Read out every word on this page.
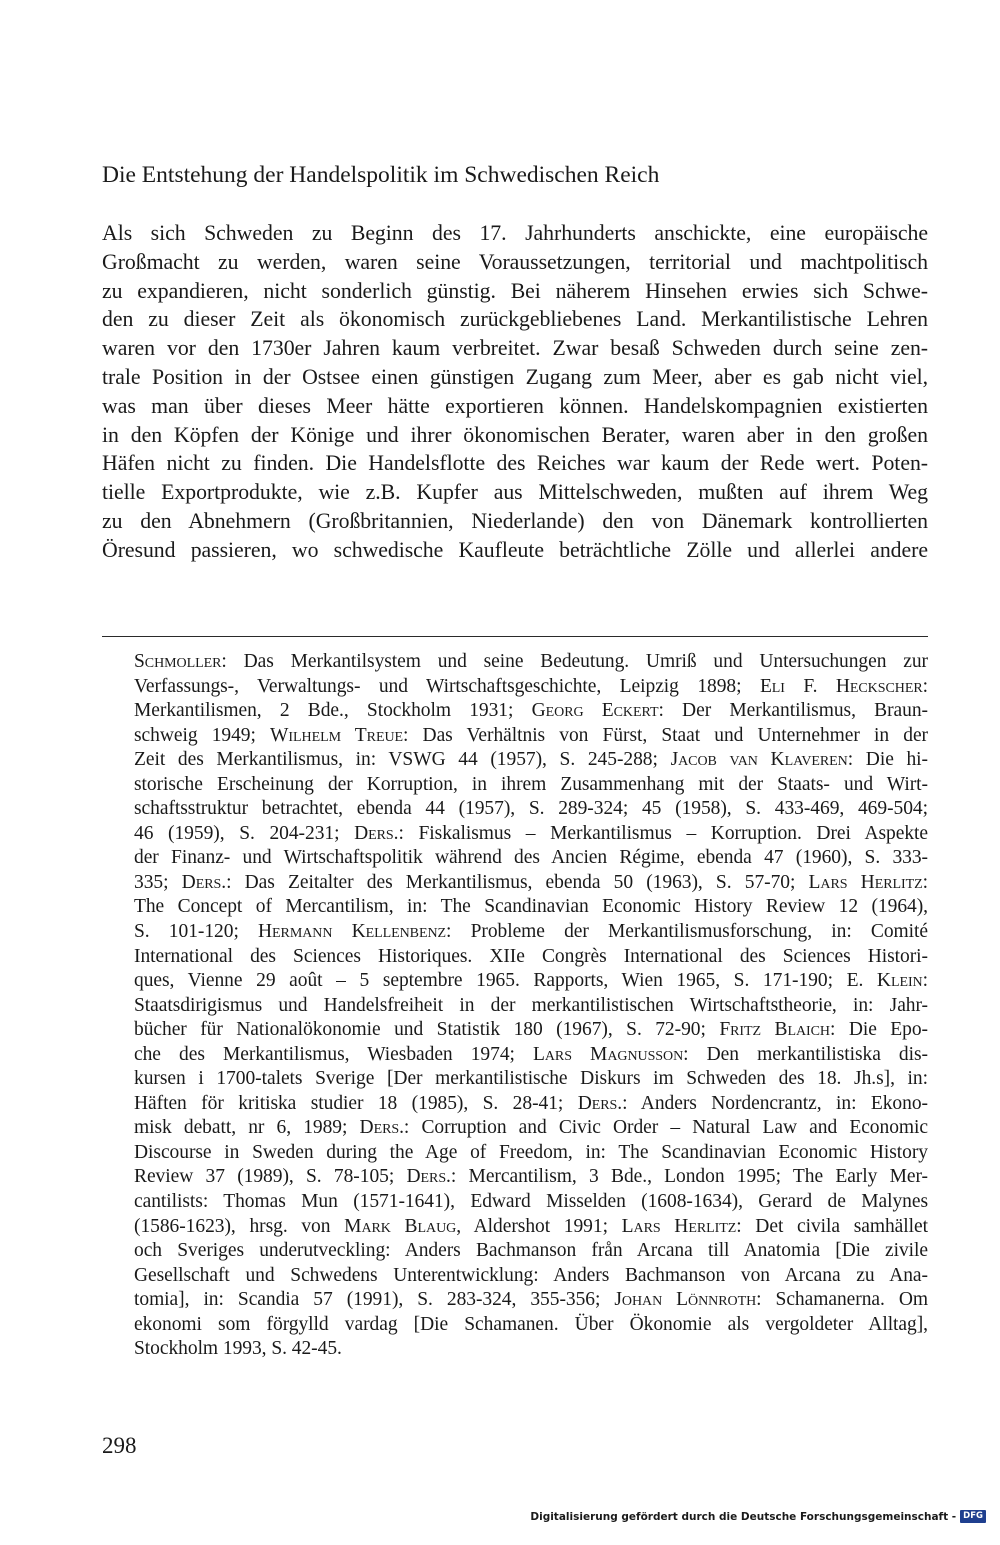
Die Entstehung der Handelspolitik im Schwedischen Reich
Als sich Schweden zu Beginn des 17. Jahrhunderts anschickte, eine europäische
Großmacht zu werden, waren seine Voraussetzungen, territorial und machtpolitisch
zu expandieren, nicht sonderlich günstig. Bei näherem Hinsehen erwies sich Schwe-
den zu dieser Zeit als ökonomisch zurückgebliebenes Land. Merkantilistische Lehren
waren vor den 1730er Jahren kaum verbreitet. Zwar besaß Schweden durch seine zen-
trale Position in der Ostsee einen günstigen Zugang zum Meer, aber es gab nicht viel,
was man über dieses Meer hätte exportieren können. Handelskompagnien existierten
in den Köpfen der Könige und ihrer ökonomischen Berater, waren aber in den großen
Häfen nicht zu finden. Die Handelsflotte des Reiches war kaum der Rede wert. Poten-
tielle Exportprodukte, wie z.B. Kupfer aus Mittelschweden, mußten auf ihrem Weg
zu den Abnehmern (Großbritannien, Niederlande) den von Dänemark kontrollierten
Öresund passieren, wo schwedische Kaufleute beträchtliche Zölle und allerlei andere
Schmoller: Das Merkantilsystem und seine Bedeutung. Umriß und Untersuchungen zur
Verfassungs-, Verwaltungs- und Wirtschaftsgeschichte, Leipzig 1898; Eli F. Heckscher:
Merkantilismen, 2 Bde., Stockholm 1931; Georg Eckert: Der Merkantilismus, Braun-
schweig 1949; Wilhelm Treue: Das Verhältnis von Fürst, Staat und Unternehmer in der
Zeit des Merkantilismus, in: VSWG 44 (1957), S. 245-288; Jacob van Klaveren: Die hi-
storische Erscheinung der Korruption, in ihrem Zusammenhang mit der Staats- und Wirt-
schaftsstruktur betrachtet, ebenda 44 (1957), S. 289-324; 45 (1958), S. 433-469, 469-504;
46 (1959), S. 204-231; Ders.: Fiskalismus – Merkantilismus – Korruption. Drei Aspekte
der Finanz- und Wirtschaftspolitik während des Ancien Régime, ebenda 47 (1960), S. 333-
335; Ders.: Das Zeitalter des Merkantilismus, ebenda 50 (1963), S. 57-70; Lars Herlitz:
The Concept of Mercantilism, in: The Scandinavian Economic History Review 12 (1964),
S. 101-120; Hermann Kellenbenz: Probleme der Merkantilismusforschung, in: Comité
International des Sciences Historiques. XIIe Congrès International des Sciences Histori-
ques, Vienne 29 août – 5 septembre 1965. Rapports, Wien 1965, S. 171-190; E. Klein:
Staatsdirigismus und Handelsfreiheit in der merkantilistischen Wirtschaftstheorie, in: Jahr-
bücher für Nationalökonomie und Statistik 180 (1967), S. 72-90; Fritz Blaich: Die Epo-
che des Merkantilismus, Wiesbaden 1974; Lars Magnusson: Den merkantilistiska dis-
kursen i 1700-talets Sverige [Der merkantilistische Diskurs im Schweden des 18. Jh.s], in:
Häften för kritiska studier 18 (1985), S. 28-41; Ders.: Anders Nordencrantz, in: Ekono-
misk debatt, nr 6, 1989; Ders.: Corruption and Civic Order – Natural Law and Economic
Discourse in Sweden during the Age of Freedom, in: The Scandinavian Economic History
Review 37 (1989), S. 78-105; Ders.: Mercantilism, 3 Bde., London 1995; The Early Mer-
cantilists: Thomas Mun (1571-1641), Edward Misselden (1608-1634), Gerard de Malynes
(1586-1623), hrsg. von Mark Blaug, Aldershot 1991; Lars Herlitz: Det civila samhället
och Sveriges underutveckling: Anders Bachmanson från Arcana till Anatomia [Die zivile
Gesellschaft und Schwedens Unterentwicklung: Anders Bachmanson von Arcana zu Ana-
tomia], in: Scandia 57 (1991), S. 283-324, 355-356; Johan Lönnroth: Schamanerna. Om
ekonomi som förgylld vardag [Die Schamanen. Über Ökonomie als vergoldeter Alltag],
Stockholm 1993, S. 42-45.
298
Digitalisierung gefördert durch die Deutsche Forschungsgemeinschaft - DFG
